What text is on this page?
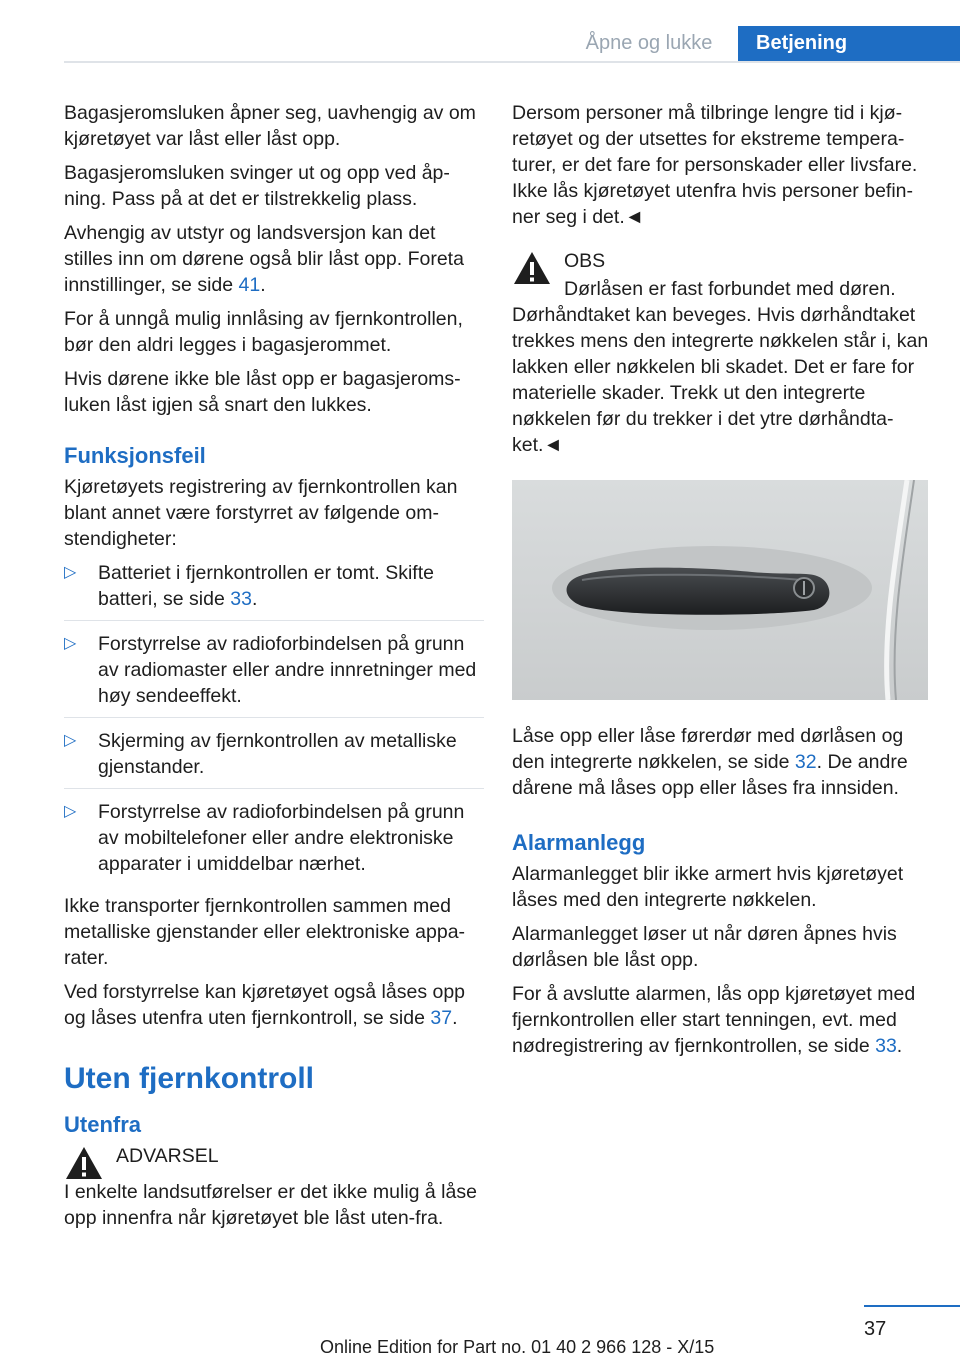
Åpne og lukke	Betjening

Bagasjeromsluken åpner seg, uavhengig av om kjøretøyet var låst eller låst opp.

Bagasjeromsluken svinger ut og opp ved åp‐ning. Pass på at det er tilstrekkelig plass.

Avhengig av utstyr og landsversjon kan det stilles inn om dørene også blir låst opp. Foreta innstillinger, se side 41.

For å unngå mulig innlåsing av fjernkontrollen, bør den aldri legges i bagasjerommet.

Hvis dørene ikke ble låst opp er bagasjeroms‐luken låst igjen så snart den lukkes.

Funksjonsfeil

Kjøretøyets registrering av fjernkontrollen kan blant annet være forstyrret av følgende om‐stendigheter:

▷ Batteriet i fjernkontrollen er tomt. Skifte batteri, se side 33.
▷ Forstyrrelse av radioforbindelsen på grunn av radiomaster eller andre innretninger med høy sendeeffekt.
▷ Skjerming av fjernkontrollen av metalliske gjenstander.
▷ Forstyrrelse av radioforbindelsen på grunn av mobiltelefoner eller andre elektroniske apparater i umiddelbar nærhet.

Ikke transporter fjernkontrollen sammen med metalliske gjenstander eller elektroniske appa‐rater.

Ved forstyrrelse kan kjøretøyet også låses opp og låses utenfra uten fjernkontroll, se side 37.

Uten fjernkontroll
Utenfra
ADVARSEL

I enkelte landsutførelser er det ikke mulig å låse opp innenfra når kjøretøyet ble låst uten‐fra.

Dersom personer må tilbringe lengre tid i kjø‐retøyet og der utsettes for ekstreme tempera‐turer, er det fare for personskader eller livsfare. Ikke lås kjøretøyet utenfra hvis personer befin‐ner seg i det.◄

OBS

Dørlåsen er fast forbundet med døren. Dørhåndtaket kan beveges. Hvis dørhåndtaket trekkes mens den integrerte nøkkelen står i, kan lakken eller nøkkelen bli skadet. Det er fare for materielle skader. Trekk ut den integrerte nøkkelen før du trekker i det ytre dørhåndta‐ket.◄

Låse opp eller låse førerdør med dørlåsen og den integrerte nøkkelen, se side 32. De andre dårene må låses opp eller låses fra innsiden.

Alarmanlegg

Alarmanlegget blir ikke armert hvis kjøretøyet låses med den integrerte nøkkelen.

Alarmanlegget løser ut når døren åpnes hvis dørlåsen ble låst opp.

For å avslutte alarmen, lås opp kjøretøyet med fjernkontrollen eller start tenningen, evt. med nødregistrering av fjernkontrollen, se side 33.

37
Online Edition for Part no. 01 40 2 966 128 - X/15
